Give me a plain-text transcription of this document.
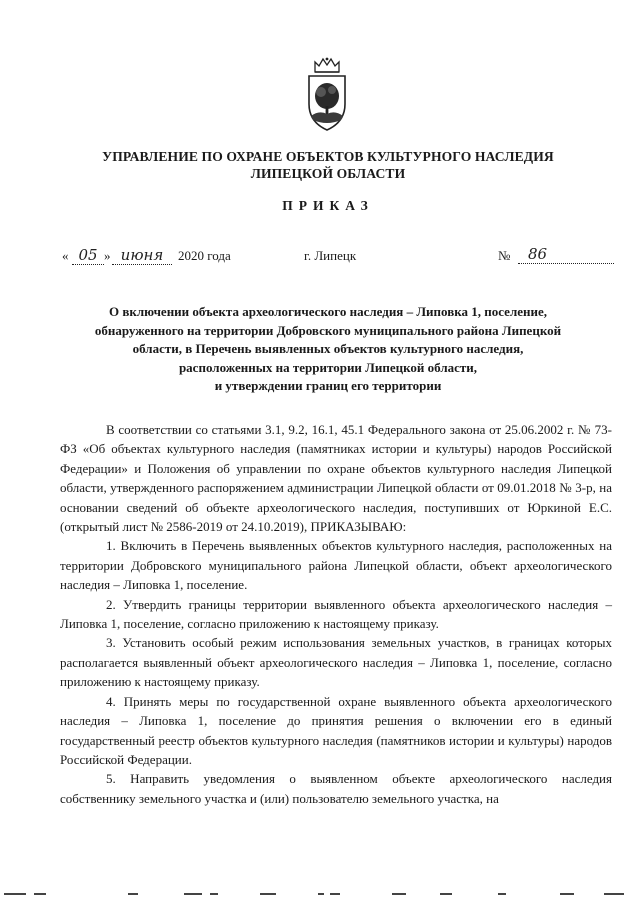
УПРАВЛЕНИЕ ПО ОХРАНЕ ОБЪЕКТОВ КУЛЬТУРНОГО НАСЛЕДИЯ
ЛИПЕЦКОЙ ОБЛАСТИ
ПРИКАЗ
« 05 » июня	2020 года	г. Липецк	№	86
О включении объекта археологического наследия – Липовка 1, поселение,
обнаруженного на территории Добровского муниципального района Липецкой
области, в Перечень выявленных объектов культурного наследия,
расположенных на территории Липецкой области,
и утверждении границ его территории

В соответствии со статьями 3.1, 9.2, 16.1, 45.1 Федерального закона от 25.06.2002 г. № 73-ФЗ «Об объектах культурного наследия (памятниках истории и культуры) народов Российской Федерации» и Положения об управлении по охране объектов культурного наследия Липецкой области, утвержденного распоряжением администрации Липецкой области от 09.01.2018 № 3-р, на основании сведений об объекте археологического наследия, поступивших от Юркиной Е.С. (открытый лист № 2586-2019 от 24.10.2019), ПРИКАЗЫВАЮ:

1. Включить в Перечень выявленных объектов культурного наследия, расположенных на территории Добровского муниципального района Липецкой области, объект археологического наследия – Липовка 1, поселение.

2. Утвердить границы территории выявленного объекта археологического наследия – Липовка 1, поселение, согласно приложению к настоящему приказу.

3. Установить особый режим использования земельных участков, в границах которых располагается выявленный объект археологического наследия – Липовка 1, поселение, согласно приложению к настоящему приказу.

4. Принять меры по государственной охране выявленного объекта археологического наследия – Липовка 1, поселение до принятия решения о включении его в единый государственный реестр объектов культурного наследия (памятников истории и культуры) народов Российской Федерации.

5. Направить уведомления о выявленном объекте археологического наследия собственнику земельного участка и (или) пользователю земельного участка, на
